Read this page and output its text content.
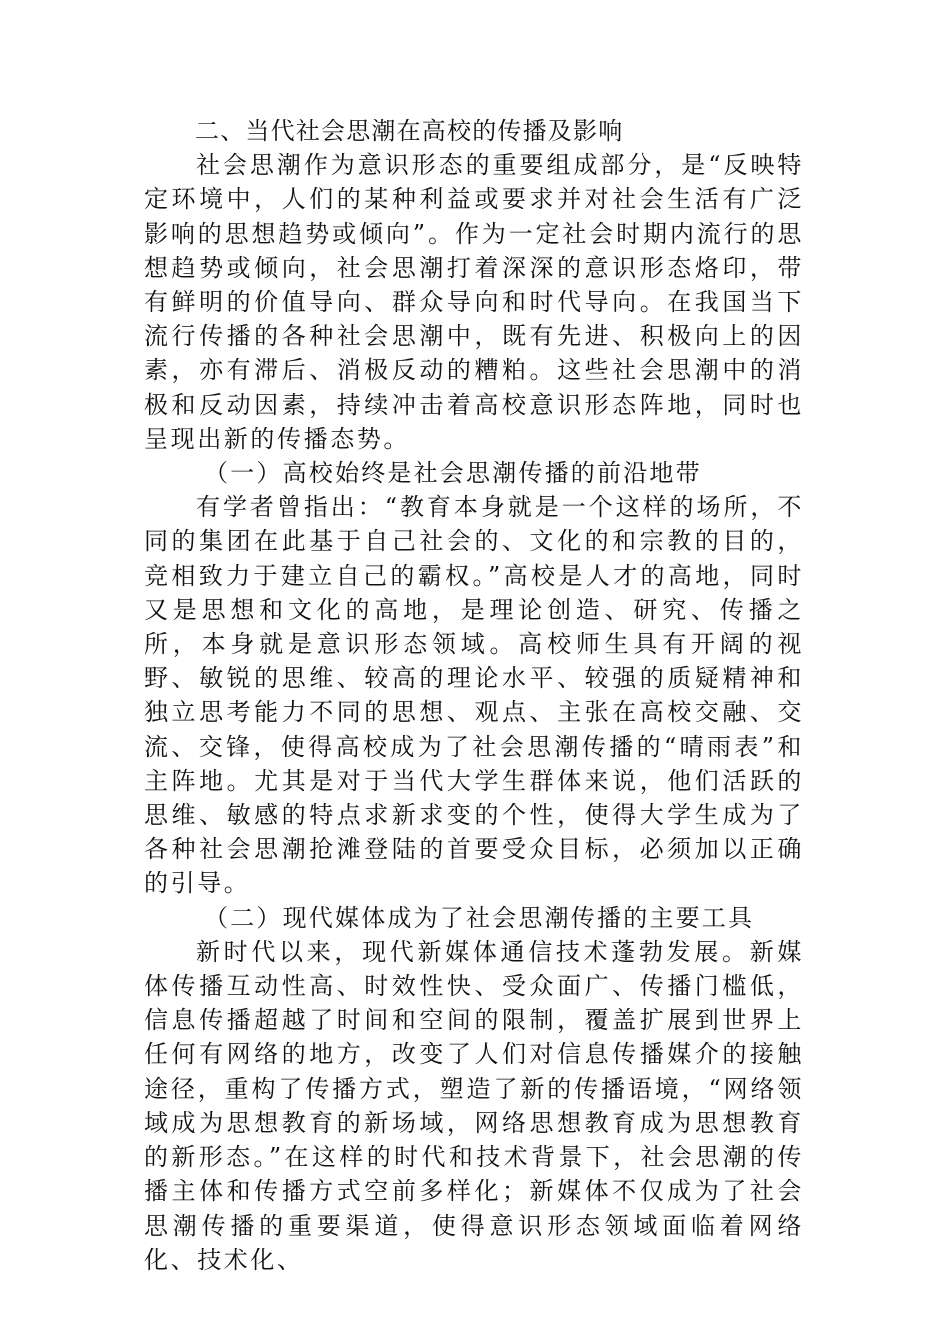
二、当代社会思潮在高校的传播及影响

社会思潮作为意识形态的重要组成部分，是“反映特定环境中，人们的某种利益或要求并对社会生活有广泛影响的思想趋势或倾向”。作为一定社会时期内流行的思想趋势或倾向，社会思潮打着深深的意识形态烙印，带有鲜明的价值导向、群众导向和时代导向。在我国当下流行传播的各种社会思潮中，既有先进、积极向上的因素，亦有滞后、消极反动的糟粕。这些社会思潮中的消极和反动因素，持续冲击着高校意识形态阵地，同时也呈现出新的传播态势。

（一）高校始终是社会思潮传播的前沿地带

有学者曾指出：“教育本身就是一个这样的场所，不同的集团在此基于自己社会的、文化的和宗教的目的，竞相致力于建立自己的霸权。”高校是人才的高地，同时又是思想和文化的高地，是理论创造、研究、传播之所，本身就是意识形态领域。高校师生具有开阔的视野、敏锐的思维、较高的理论水平、较强的质疑精神和独立思考能力不同的思想、观点、主张在高校交融、交流、交锋，使得高校成为了社会思潮传播的“晴雨表”和主阵地。尤其是对于当代大学生群体来说，他们活跃的思维、敏感的特点求新求变的个性，使得大学生成为了各种社会思潮抢滩登陆的首要受众目标，必须加以正确的引导。

（二）现代媒体成为了社会思潮传播的主要工具

新时代以来，现代新媒体通信技术蓬勃发展。新媒体传播互动性高、时效性快、受众面广、传播门槛低，信息传播超越了时间和空间的限制，覆盖扩展到世界上任何有网络的地方，改变了人们对信息传播媒介的接触途径，重构了传播方式，塑造了新的传播语境，“网络领域成为思想教育的新场域，网络思想教育成为思想教育的新形态。”在这样的时代和技术背景下，社会思潮的传播主体和传播方式空前多样化；新媒体不仅成为了社会思潮传播的重要渠道，使得意识形态领域面临着网络化、技术化、
